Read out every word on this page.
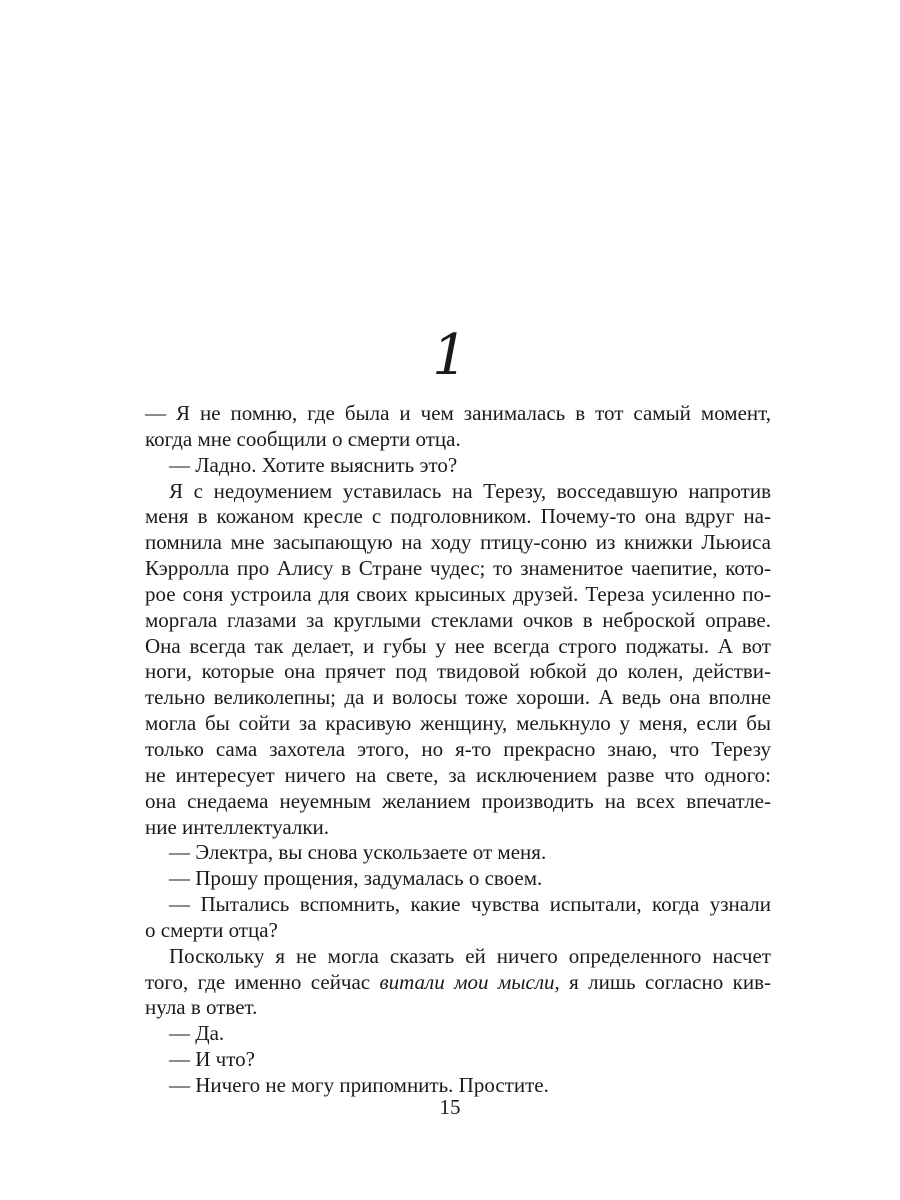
1
— Я не помню, где была и чем занималась в тот самый момент,
когда мне сообщили о смерти отца.
— Ладно. Хотите выяснить это?
Я с недоумением уставилась на Терезу, восседавшую напротив
меня в кожаном кресле с подголовником. Почему-то она вдруг на-
помнила мне засыпающую на ходу птицу-соню из книжки Льюиса
Кэрролла про Алису в Стране чудес; то знаменитое чаепитие, кото-
рое соня устроила для своих крысиных друзей. Тереза усиленно по-
моргала глазами за круглыми стеклами очков в неброской оправе.
Она всегда так делает, и губы у нее всегда строго поджаты. А вот
ноги, которые она прячет под твидовой юбкой до колен, действи-
тельно великолепны; да и волосы тоже хороши. А ведь она вполне
могла бы сойти за красивую женщину, мелькнуло у меня, если бы
только сама захотела этого, но я-то прекрасно знаю, что Терезу
не интересует ничего на свете, за исключением разве что одного:
она снедаема неуемным желанием производить на всех впечатле-
ние интеллектуалки.
— Электра, вы снова ускользаете от меня.
— Прошу прощения, задумалась о своем.
— Пытались вспомнить, какие чувства испытали, когда узнали
о смерти отца?
Поскольку я не могла сказать ей ничего определенного насчет
того, где именно сейчас витали мои мысли, я лишь согласно кив-
нула в ответ.
— Да.
— И что?
— Ничего не могу припомнить. Простите.
15
